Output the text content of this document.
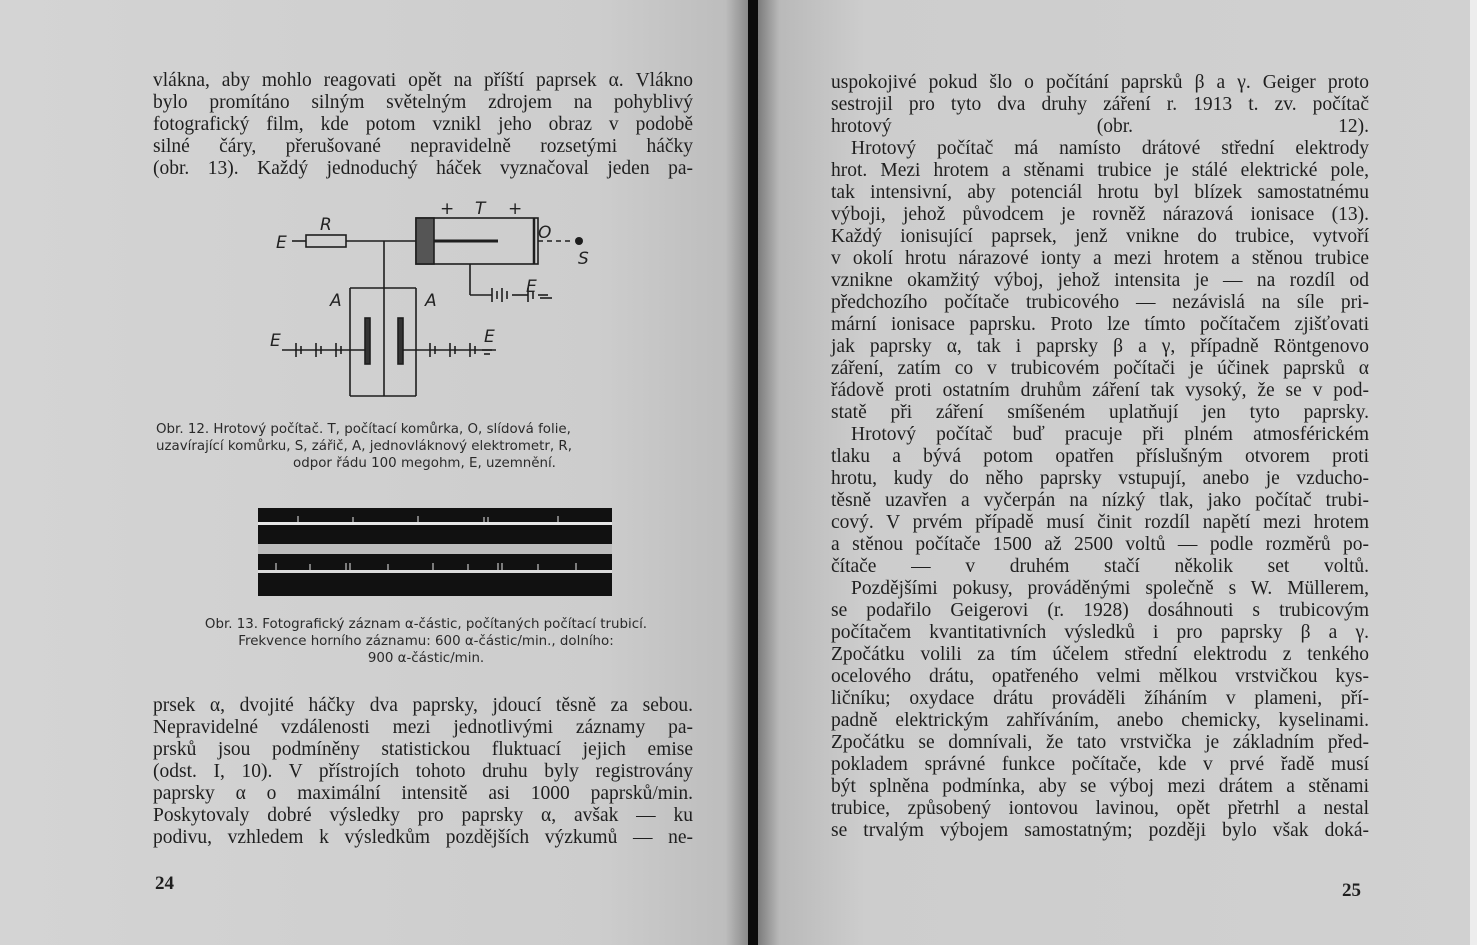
vlákna, aby mohlo reagovati opět na příští paprsek α. Vlákno
bylo promítáno silným světelným zdrojem na pohyblivý
fotografický film, kde potom vznikl jeho obraz v podobě
silné čáry, přerušované nepravidelně rozsetými háčky
(obr. 13). Každý jednoduchý háček vyznačoval jeden pa-

E
R
+ T +
O
S
A	A
E
E	E
Obr. 12. Hrotový počítač. T, počítací komůrka, O, slídová folie,
uzavírající komůrku, S, zářič, A, jednovláknový elektrometr, R,
odpor řádu 100 megohm, E, uzemnění.
Obr. 13. Fotografický záznam α-částic, počítaných počítací trubicí.
Frekvence horního záznamu: 600 α-částic/min., dolního:
900 α-částic/min.

prsek α, dvojité háčky dva paprsky, jdoucí těsně za sebou.
Nepravidelné vzdálenosti mezi jednotlivými záznamy pa-
prsků jsou podmíněny statistickou fluktuací jejich emise
(odst. I, 10). V přístrojích tohoto druhu byly registrovány
paprsky α o maximální intensitě asi 1000 paprsků/min.
Poskytovaly dobré výsledky pro paprsky α, avšak — ku
podivu, vzhledem k výsledkům pozdějších výzkumů — ne-

24

uspokojivé pokud šlo o počítání paprsků β a γ. Geiger proto
sestrojil pro tyto dva druhy záření r. 1913 t. zv. počítač
hrotový (obr. 12).

Hrotový počítač má namísto drátové střední elektrody
hrot. Mezi hrotem a stěnami trubice je stálé elektrické pole,
tak intensivní, aby potenciál hrotu byl blízek samostatnému
výboji, jehož původcem je rovněž nárazová ionisace (13).
Každý ionisující paprsek, jenž vnikne do trubice, vytvoří
v okolí hrotu nárazové ionty a mezi hrotem a stěnou trubice
vznikne okamžitý výboj, jehož intensita je — na rozdíl od
předchozího počítače trubicového — nezávislá na síle pri-
mární ionisace paprsku. Proto lze tímto počítačem zjišťovati
jak paprsky α, tak i paprsky β a γ, případně Röntgenovo
záření, zatím co v trubicovém počítači je účinek paprsků α
řádově proti ostatním druhům záření tak vysoký, že se v pod-
statě při záření smíšeném uplatňují jen tyto paprsky.

Hrotový počítač buď pracuje při plném atmosférickém
tlaku a bývá potom opatřen příslušným otvorem proti
hrotu, kudy do něho paprsky vstupují, anebo je vzducho-
těsně uzavřen a vyčerpán na nízký tlak, jako počítač trubi-
cový. V prvém případě musí činit rozdíl napětí mezi hrotem
a stěnou počítače 1500 až 2500 voltů — podle rozměrů po-
čítače — v druhém stačí několik set voltů.

Pozdějšími pokusy, prováděnými společně s W. Müllerem,
se podařilo Geigerovi (r. 1928) dosáhnouti s trubicovým
počítačem kvantitativních výsledků i pro paprsky β a γ.
Zpočátku volili za tím účelem střední elektrodu z tenkého
ocelového drátu, opatřeného velmi mělkou vrstvičkou kys-
ličníku; oxydace drátu prováděli žíháním v plameni, pří-
padně elektrickým zahříváním, anebo chemicky, kyselinami.
Zpočátku se domnívali, že tato vrstvička je základním před-
pokladem správné funkce počítače, kde v prvé řadě musí
být splněna podmínka, aby se výboj mezi drátem a stěnami
trubice, způsobený iontovou lavinou, opět přetrhl a nestal
se trvalým výbojem samostatným; později bylo však doká-

25
